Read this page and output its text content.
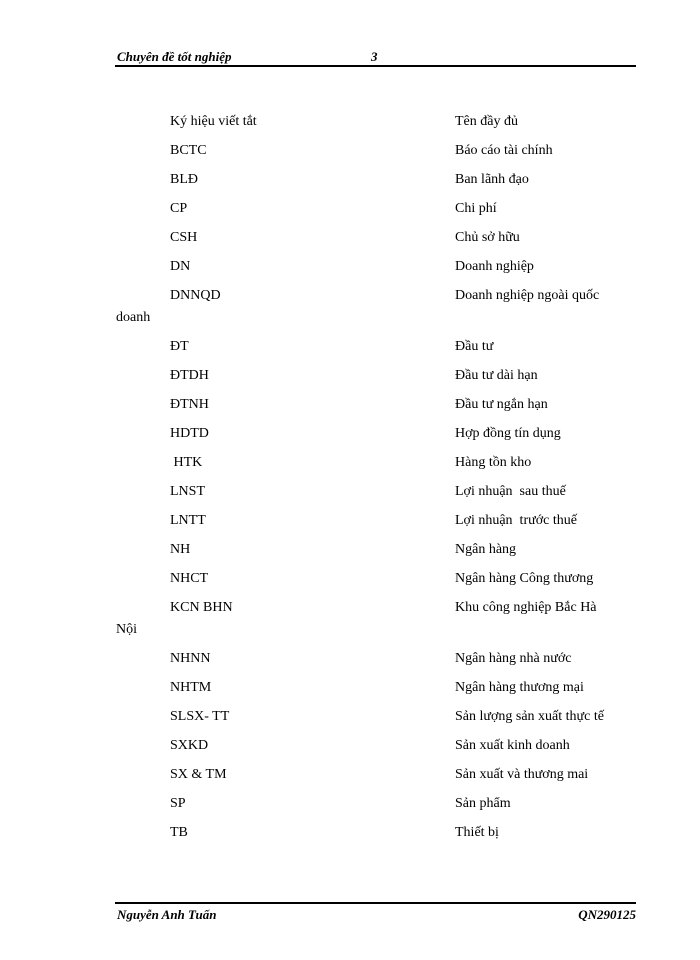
Chuyên đề tốt nghiệp	3
Ký hiệu viết tắt	Tên đầy đủ
BCTC	Báo cáo tài chính
BLĐ	Ban lãnh đạo
CP	Chi phí
CSH	Chủ sở hữu
DN	Doanh nghiệp
DNNQD	Doanh nghiệp ngoài quốc
doanh
ĐT	Đầu tư
ĐTDH	Đầu tư dài hạn
ĐTNH	Đầu tư ngắn hạn
HDTD	Hợp đồng tín dụng
HTK	Hàng tồn kho
LNST	Lợi nhuận  sau thuế
LNTT	Lợi nhuận  trước thuế
NH	Ngân hàng
NHCT	Ngân hàng Công thương
KCN BHN	Khu công nghiệp Bắc Hà
Nội
NHNN	Ngân hàng nhà nước
NHTM	Ngân hàng thương mại
SLSX- TT	Sản lượng sản xuất thực tế
SXKD	Sản xuất kinh doanh
SX & TM	Sản xuất và thương mai
SP	Sản phẩm
TB	Thiết bị
Nguyễn Anh Tuấn	QN290125
